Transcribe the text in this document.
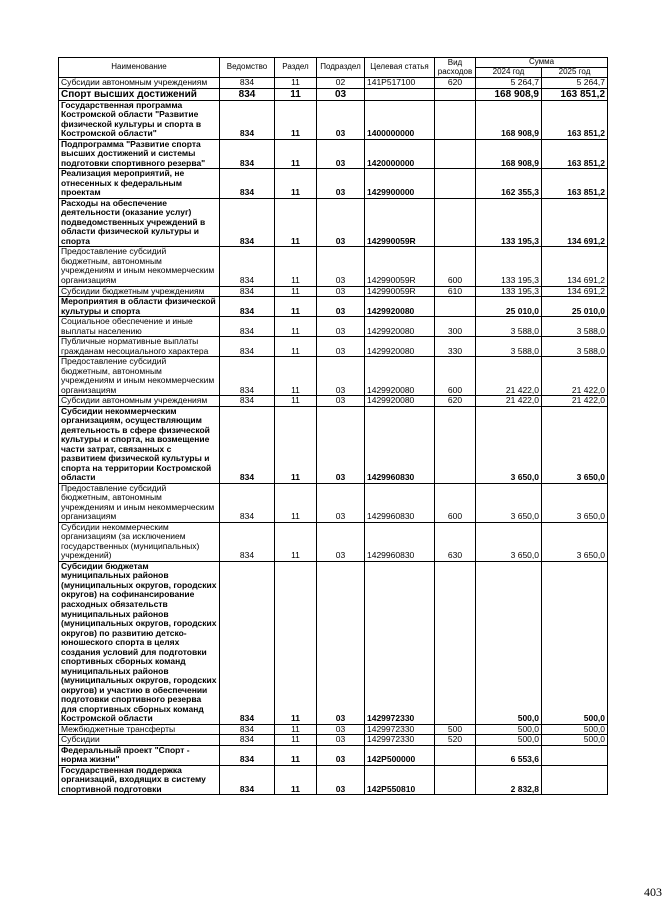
Наименование	Ведомство	Раздел	Подраздел	Целевая статья	Вид расходов	Сумма	
						2024 год	2025 год
Субсидии автономным учреждениям	834	11	02	141P517100	620	5 264,7	5 264,7
Спорт высших достижений	834	11	03			168 908,9	163 851,2
Государственная программа Костромской области "Развитие физической культуры и спорта в Костромской области"	834	11	03	1400000000		168 908,9	163 851,2
Подпрограмма "Развитие спорта высших достижений и системы подготовки спортивного резерва"	834	11	03	1420000000		168 908,9	163 851,2
Реализация мероприятий, не отнесенных к федеральным проектам	834	11	03	1429900000		162 355,3	163 851,2
Расходы на обеспечение деятельности (оказание услуг) подведомственных учреждений в области физической культуры и спорта	834	11	03	142990059R		133 195,3	134 691,2
Предоставление субсидий бюджетным, автономным учреждениям и иным некоммерческим организациям	834	11	03	142990059R	600	133 195,3	134 691,2
Субсидии бюджетным учреждениям	834	11	03	142990059R	610	133 195,3	134 691,2
Мероприятия в области физической культуры и спорта	834	11	03	1429920080		25 010,0	25 010,0
Социальное обеспечение и иные выплаты населению	834	11	03	1429920080	300	3 588,0	3 588,0
Публичные нормативные выплаты гражданам несоциального характера	834	11	03	1429920080	330	3 588,0	3 588,0
Предоставление субсидий бюджетным, автономным учреждениям и иным некоммерческим организациям	834	11	03	1429920080	600	21 422,0	21 422,0
Субсидии автономным учреждениям	834	11	03	1429920080	620	21 422,0	21 422,0
Субсидии некоммерческим организациям, осуществляющим деятельность в сфере физической культуры и спорта, на возмещение части затрат, связанных с развитием физической культуры и спорта на территории Костромской области	834	11	03	1429960830		3 650,0	3 650,0
Предоставление субсидий бюджетным, автономным учреждениям и иным некоммерческим организациям	834	11	03	1429960830	600	3 650,0	3 650,0
Субсидии некоммерческим организациям (за исключением государственных (муниципальных) учреждений)	834	11	03	1429960830	630	3 650,0	3 650,0
Субсидии бюджетам муниципальных районов (муниципальных округов, городских округов) на софинансирование расходных обязательств муниципальных районов (муниципальных округов, городских округов) по развитию детско-юношеского спорта в целях создания условий для подготовки спортивных сборных команд муниципальных районов (муниципальных округов, городских округов) и участию в обеспечении подготовки спортивного резерва для спортивных сборных команд Костромской области	834	11	03	1429972330		500,0	500,0
Межбюджетные трансферты	834	11	03	1429972330	500	500,0	500,0
Субсидии	834	11	03	1429972330	520	500,0	500,0
Федеральный проект "Спорт - норма жизни"	834	11	03	142P500000		6 553,6	
Государственная поддержка организаций, входящих в систему спортивной подготовки	834	11	03	142P550810		2 832,8	
403
